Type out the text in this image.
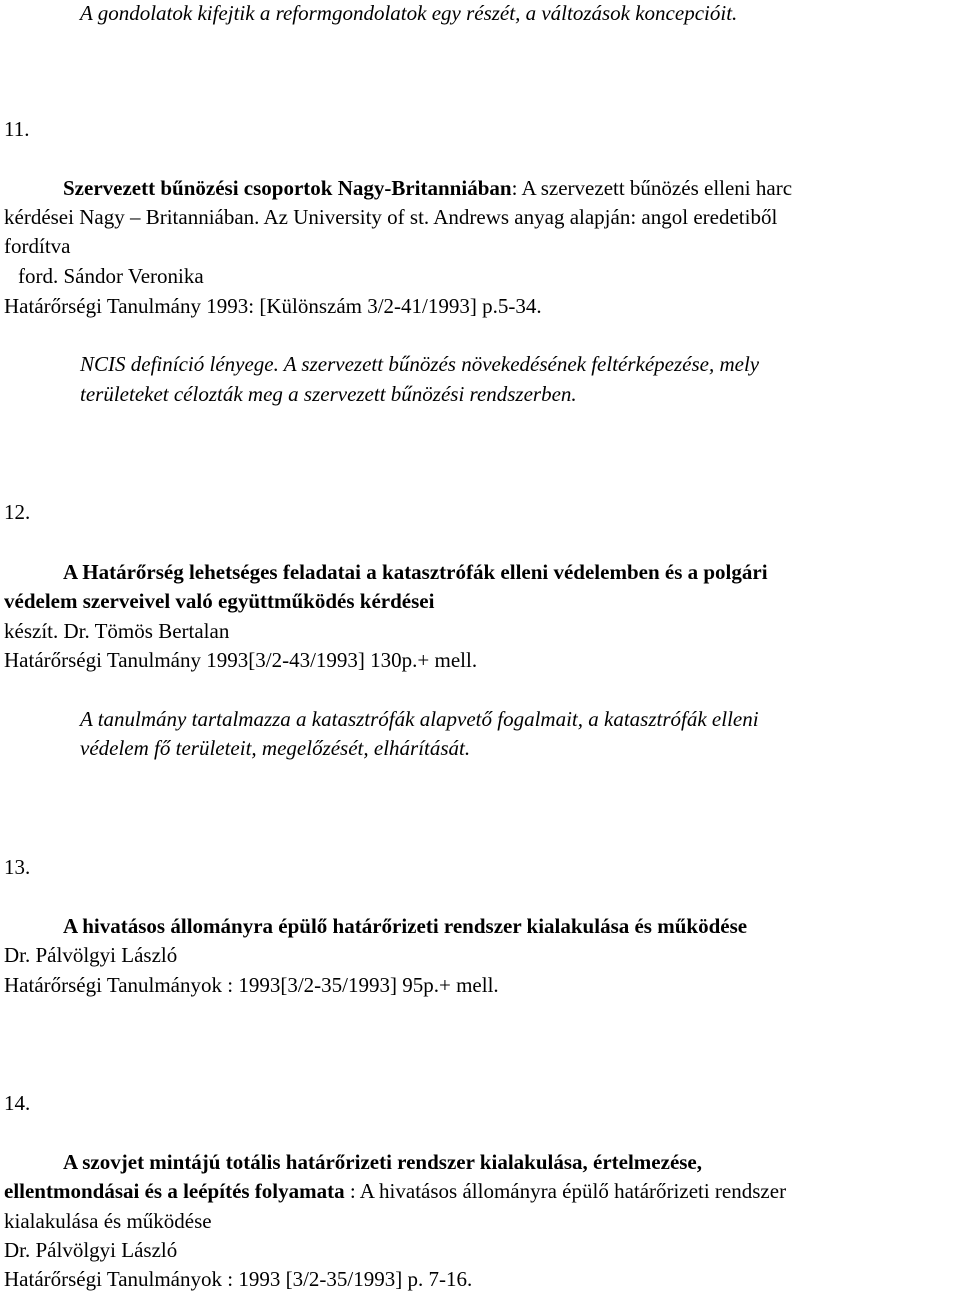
A gondolatok kifejtik a reformgondolatok egy részét, a változások koncepcióit.
11.
Szervezett bűnözési csoportok Nagy-Britanniában: A szervezett bűnözés elleni harc
kérdései Nagy – Britanniában. Az University of st. Andrews anyag alapján: angol eredetiből
fordítva
ford. Sándor Veronika
Határőrségi Tanulmány 1993: [Különszám 3/2-41/1993] p.5-34.
NCIS definíció lényege. A szervezett bűnözés növekedésének feltérképezése, mely
területeket célozták meg a szervezett bűnözési rendszerben.
12.
A Határőrség lehetséges feladatai a katasztrófák elleni védelemben és a polgári
védelem szerveivel való együttműködés kérdései
készít. Dr. Tömös Bertalan
Határőrségi Tanulmány 1993[3/2-43/1993] 130p.+ mell.
A tanulmány tartalmazza a katasztrófák alapvető fogalmait, a katasztrófák elleni
védelem fő területeit, megelőzését, elhárítását.
13.
A hivatásos állományra épülő határőrizeti rendszer kialakulása és működése
Dr. Pálvölgyi László
Határőrségi Tanulmányok : 1993[3/2-35/1993] 95p.+ mell.
14.
A szovjet mintájú totális határőrizeti rendszer kialakulása, értelmezése,
ellentmondásai és a leépítés folyamata : A hivatásos állományra épülő határőrizeti rendszer
kialakulása és működése
Dr. Pálvölgyi László
Határőrségi Tanulmányok : 1993 [3/2-35/1993] p. 7-16.
